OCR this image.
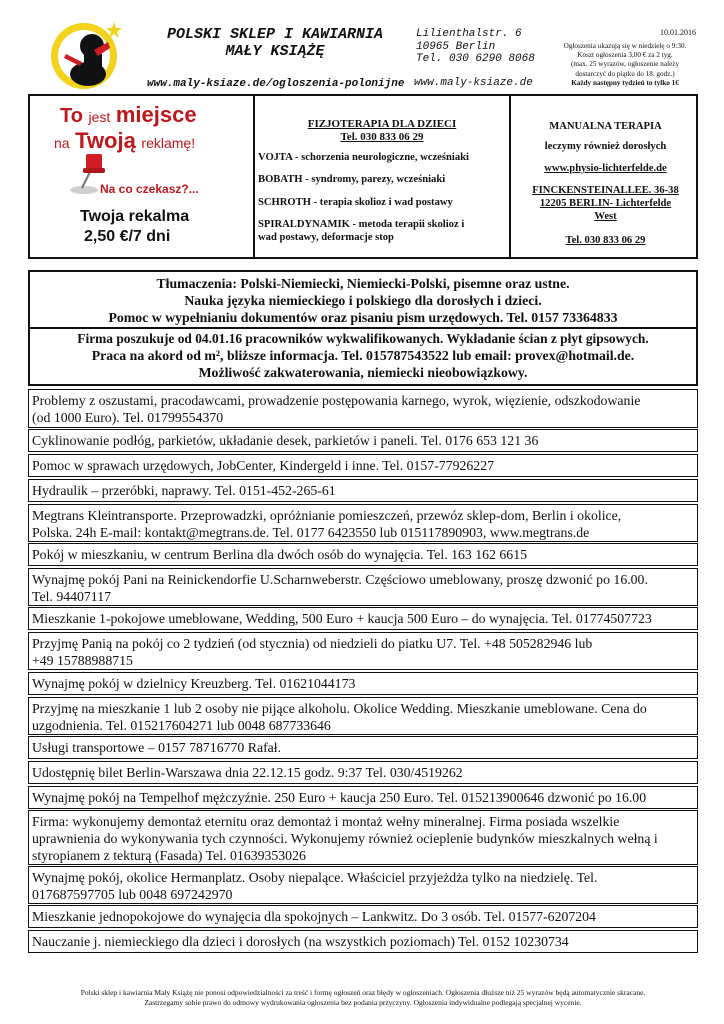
POLSKI SKLEP I KAWIARNIA
MAŁY KSIĄŻĘ
www.maly-ksiaze.de/ogloszenia-polonijne
Lilienthalstr. 6
10965 Berlin
Tel. 030 6290 8068
www.maly-ksiaze.de
10.01.2016
Ogłoszenia ukazują się w niedzielę o 9:30.
Koszt ogłoszenia 3,00 € za 2 tyg.
(max. 25 wyrazów, ogłoszenie należy
dostarczyć do piątku do 18. godz.)
Każdy następny tydzień to tylko 1€
To jest miejsce
na Twoją reklamę!
Na co czekasz?...
Twoja rekalma
2,50 €/7 dni
FIZJOTERAPIA DLA DZIECI
Tel. 030 833 06 29
VOJTA - schorzenia neurologiczne, wcześniaki
BOBATH - syndromy, parezy, wcześniaki
SCHROTH - terapia skolioz i wad postawy
SPIRALDYNAMIK - metoda terapii skolioz i
wad postawy, deformacje stop
MANUALNA TERAPIA
leczymy również dorosłych
www.physio-lichterfelde.de
FINCKENSTEINALLEE. 36-38
12205 BERLIN- Lichterfelde
West
Tel. 030 833 06 29
Tłumaczenia: Polski-Niemiecki, Niemiecki-Polski, pisemne oraz ustne.
Nauka języka niemieckiego i polskiego dla dorosłych i dzieci.
Pomoc w wypełnianiu dokumentów oraz pisaniu pism urzędowych. Tel. 0157 73364833
Firma poszukuje od 04.01.16 pracowników wykwalifikowanych. Wykładanie ścian z płyt gipsowych.
Praca na akord od m², bliższe informacja. Tel. 015787543522 lub email: provex@hotmail.de.
Możliwość zakwaterowania, niemiecki nieobowiązkowy.
Problemy z oszustami, pracodawcami, prowadzenie postępowania karnego, wyrok, więzienie, odszkodowanie
(od 1000 Euro). Tel. 01799554370
Cyklinowanie podłóg, parkietów, układanie desek, parkietów i paneli. Tel. 0176 653 121 36
Pomoc w sprawach urzędowych, JobCenter, Kindergeld i inne. Tel. 0157-77926227
Hydraulik – przeróbki, naprawy. Tel. 0151-452-265-61
Megtrans Kleintransporte. Przeprowadzki, opróżnianie pomieszczeń, przewóz sklep-dom, Berlin i okolice,
Polska. 24h E-mail: kontakt@megtrans.de. Tel. 0177 6423550 lub 015117890903, www.megtrans.de
Pokój w mieszkaniu, w centrum Berlina dla dwóch osób do wynajęcia. Tel. 163 162 6615
Wynajmę pokój Pani na Reinickendorfie U.Scharnweberstr. Częściowo umeblowany, proszę dzwonić po 16.00.
Tel. 94407117
Mieszkanie 1-pokojowe umeblowane, Wedding, 500 Euro + kaucja 500 Euro – do wynajęcia. Tel. 01774507723
Przyjmę Panią na pokój co 2 tydzień (od stycznia) od niedzieli do piatku U7. Tel. +48 505282946 lub
+49 15788988715
Wynajmę pokój w dzielnicy Kreuzberg. Tel. 01621044173
Przyjmę na mieszkanie 1 lub 2 osoby nie pijące alkoholu. Okolice Wedding. Mieszkanie umeblowane. Cena do
uzgodnienia. Tel. 015217604271 lub 0048 687733646
Usługi transportowe – 0157 78716770 Rafał.
Udostępnię bilet Berlin-Warszawa dnia 22.12.15 godz. 9:37 Tel. 030/4519262
Wynajmę pokój na Tempelhof mężczyźnie. 250 Euro + kaucja 250 Euro. Tel. 015213900646 dzwonić po 16.00
Firma: wykonujemy demontaż eternitu oraz demontaż i montaż wełny mineralnej. Firma posiada wszelkie
uprawnienia do wykonywania tych czynności. Wykonujemy również ocieplenie budynków mieszkalnych wełną i
styropianem z tekturą (Fasada) Tel. 01639353026
Wynajmę pokój, okolice Hermanplatz. Osoby niepalące. Właściciel przyjeżdża tylko na niedzielę. Tel.
017687597705 lub 0048 697242970
Mieszkanie jednopokojowe do wynajęcia dla spokojnych – Lankwitz. Do 3 osób. Tel. 01577-6207204
Nauczanie j. niemieckiego dla dzieci i dorosłych (na wszystkich poziomach) Tel. 0152 10230734
Polski sklep i kawiarnia Mały Książę nie ponosi odpowiedzialności za treść i formę ogłoszeń oraz błędy w ogłoszeniach. Ogłoszenia dłuższe niż 25 wyrazów będą automatycznie skracane.
Zastrzegamy sobie prawo do odmowy wydrukowania ogłoszenia bez podania przyczyny. Ogłoszenia indywidualne podlegają specjalnej wycenie.
